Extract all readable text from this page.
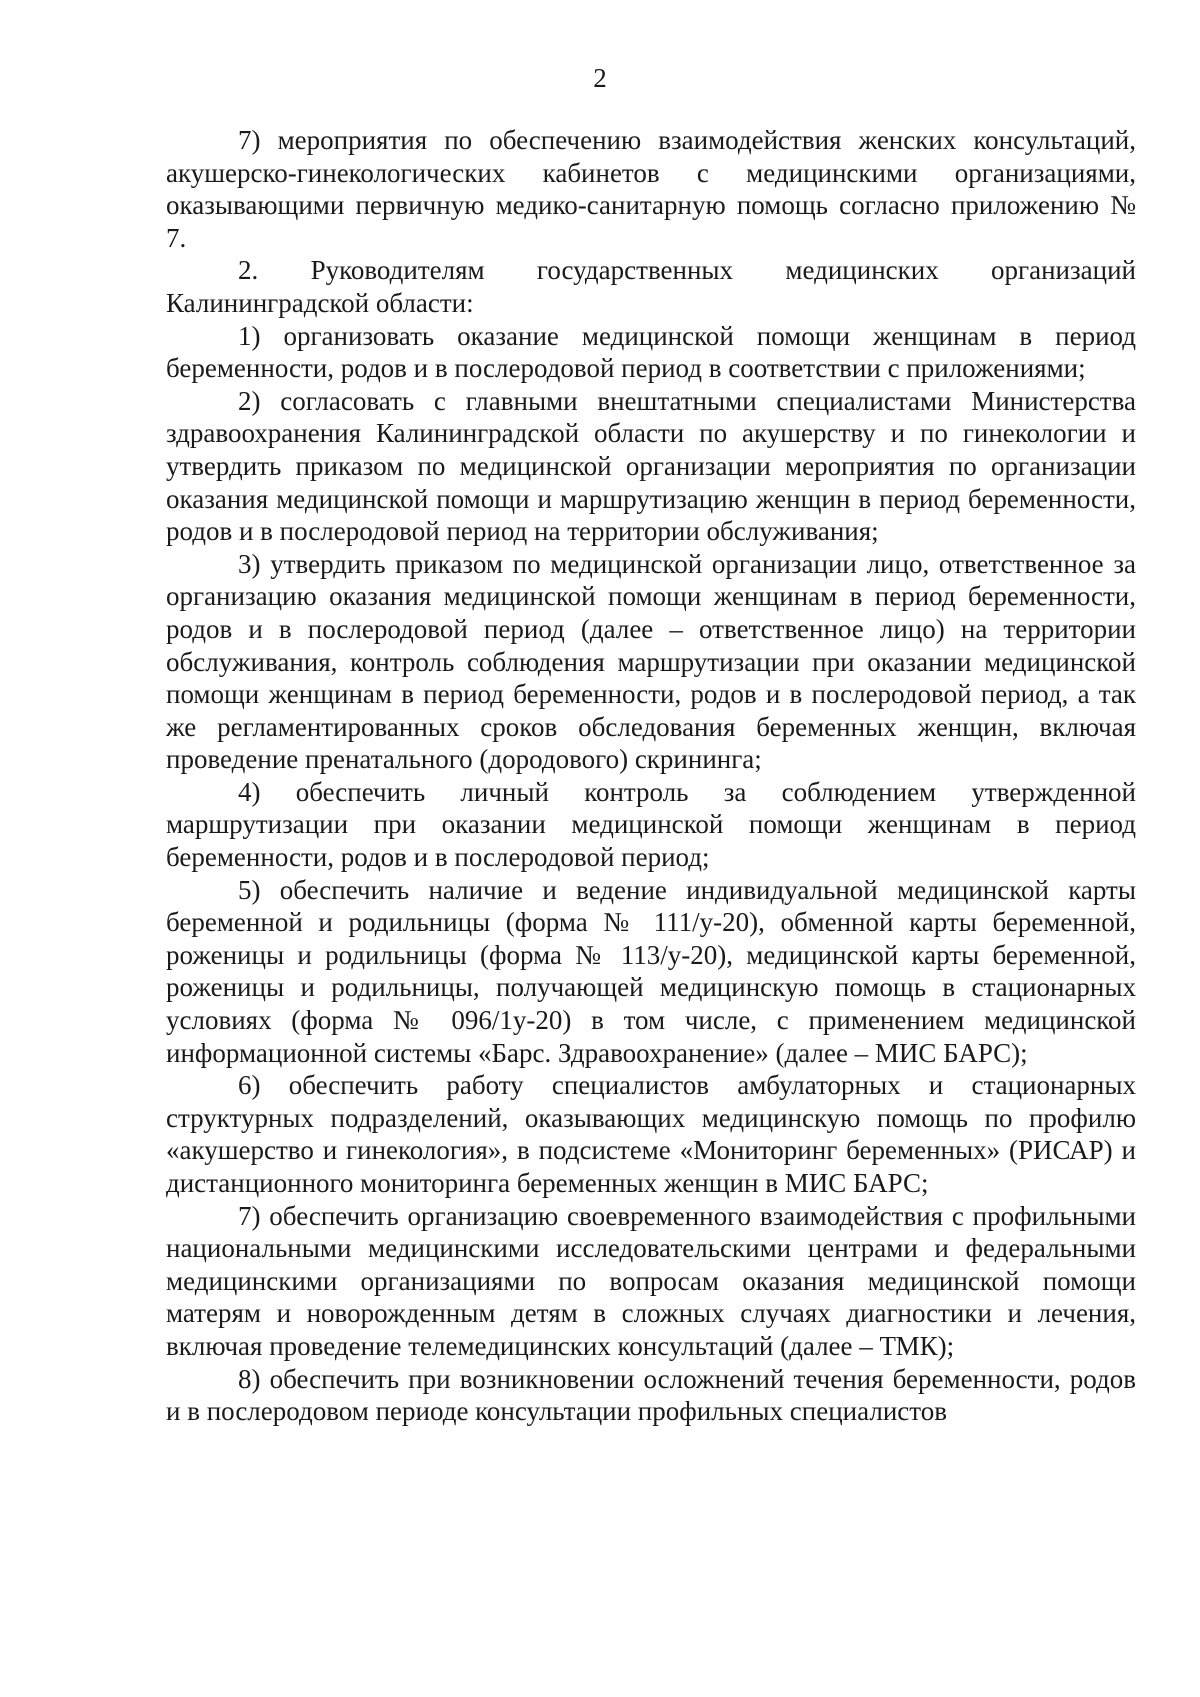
2

7) мероприятия по обеспечению взаимодействия женских консультаций, акушерско-гинекологических кабинетов с медицинскими организациями, оказывающими первичную медико-санитарную помощь согласно приложению № 7.

2. Руководителям государственных медицинских организаций Калининградской области:

1) организовать оказание медицинской помощи женщинам в период беременности, родов и в послеродовой период в соответствии с приложениями;

2) согласовать с главными внештатными специалистами Министерства здравоохранения Калининградской области по акушерству и по гинекологии и утвердить приказом по медицинской организации мероприятия по организации оказания медицинской помощи и маршрутизацию женщин в период беременности, родов и в послеродовой период на территории обслуживания;

3) утвердить приказом по медицинской организации лицо, ответственное за организацию оказания медицинской помощи женщинам в период беременности, родов и в послеродовой период (далее – ответственное лицо) на территории обслуживания, контроль соблюдения маршрутизации при оказании медицинской помощи женщинам в период беременности, родов и в послеродовой период, а так же регламентированных сроков обследования беременных женщин, включая проведение пренатального (дородового) скрининга;

4) обеспечить личный контроль за соблюдением утвержденной маршрутизации при оказании медицинской помощи женщинам в период беременности, родов и в послеродовой период;

5) обеспечить наличие и ведение индивидуальной медицинской карты беременной и родильницы (форма № 111/у-20), обменной карты беременной, роженицы и родильницы (форма № 113/у-20), медицинской карты беременной, роженицы и родильницы, получающей медицинскую помощь в стационарных условиях (форма № 096/1у-20) в том числе, с применением медицинской информационной системы «Барс. Здравоохранение» (далее – МИС БАРС);

6) обеспечить работу специалистов амбулаторных и стационарных структурных подразделений, оказывающих медицинскую помощь по профилю «акушерство и гинекология», в подсистеме «Мониторинг беременных» (РИСАР) и дистанционного мониторинга беременных женщин в МИС БАРС;

7) обеспечить организацию своевременного взаимодействия с профильными национальными медицинскими исследовательскими центрами и федеральными медицинскими организациями по вопросам оказания медицинской помощи матерям и новорожденным детям в сложных случаях диагностики и лечения, включая проведение телемедицинских консультаций (далее – ТМК);

8) обеспечить при возникновении осложнений течения беременности, родов и в послеродовом периоде консультации профильных специалистов
